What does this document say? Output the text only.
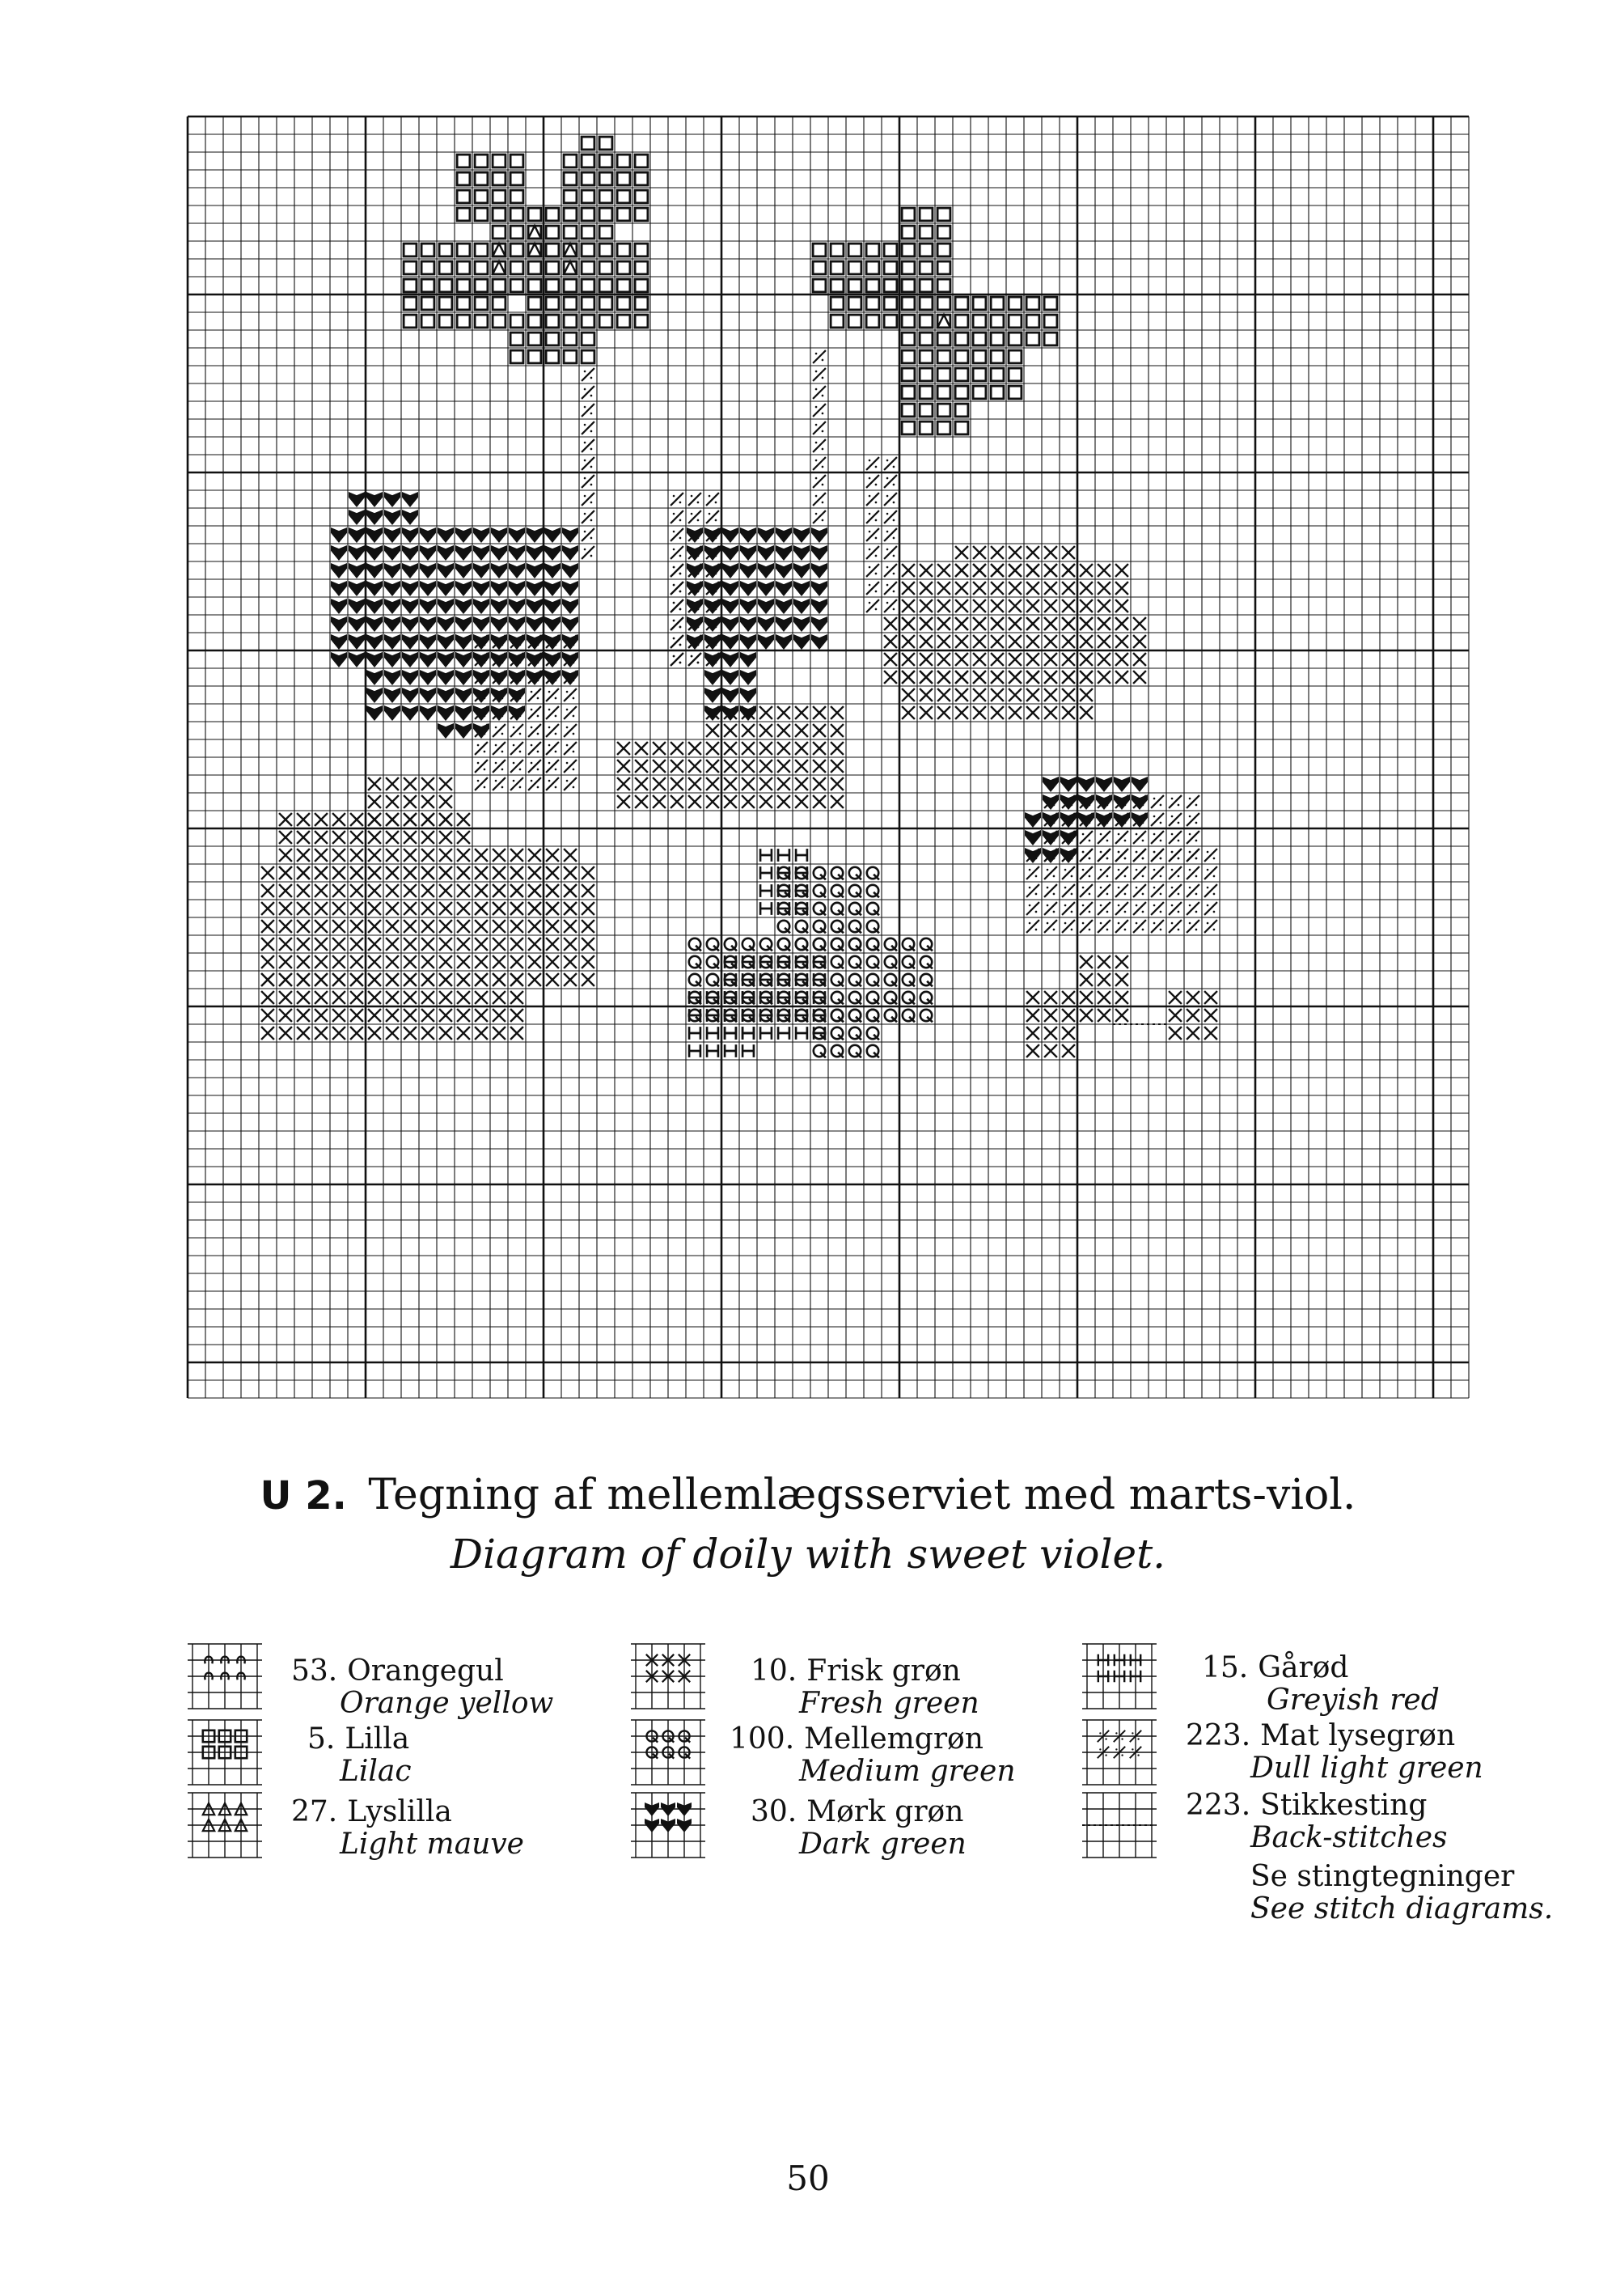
U 2. Tegning af mellemlægsserviet med marts-viol.
Diagram of doily with sweet violet.
53. Orangegul
Orange yellow
5. Lilla
Lilac
27. Lyslilla
Light mauve
10. Frisk grøn
Fresh green
100. Mellemgrøn
Medium green
30. Mørk grøn
Dark green
15. Gårød
Greyish red
223. Mat lysegrøn
Dull light green
223. Stikkesting
Back-stitches
Se stingtegninger
See stitch diagrams.
50
